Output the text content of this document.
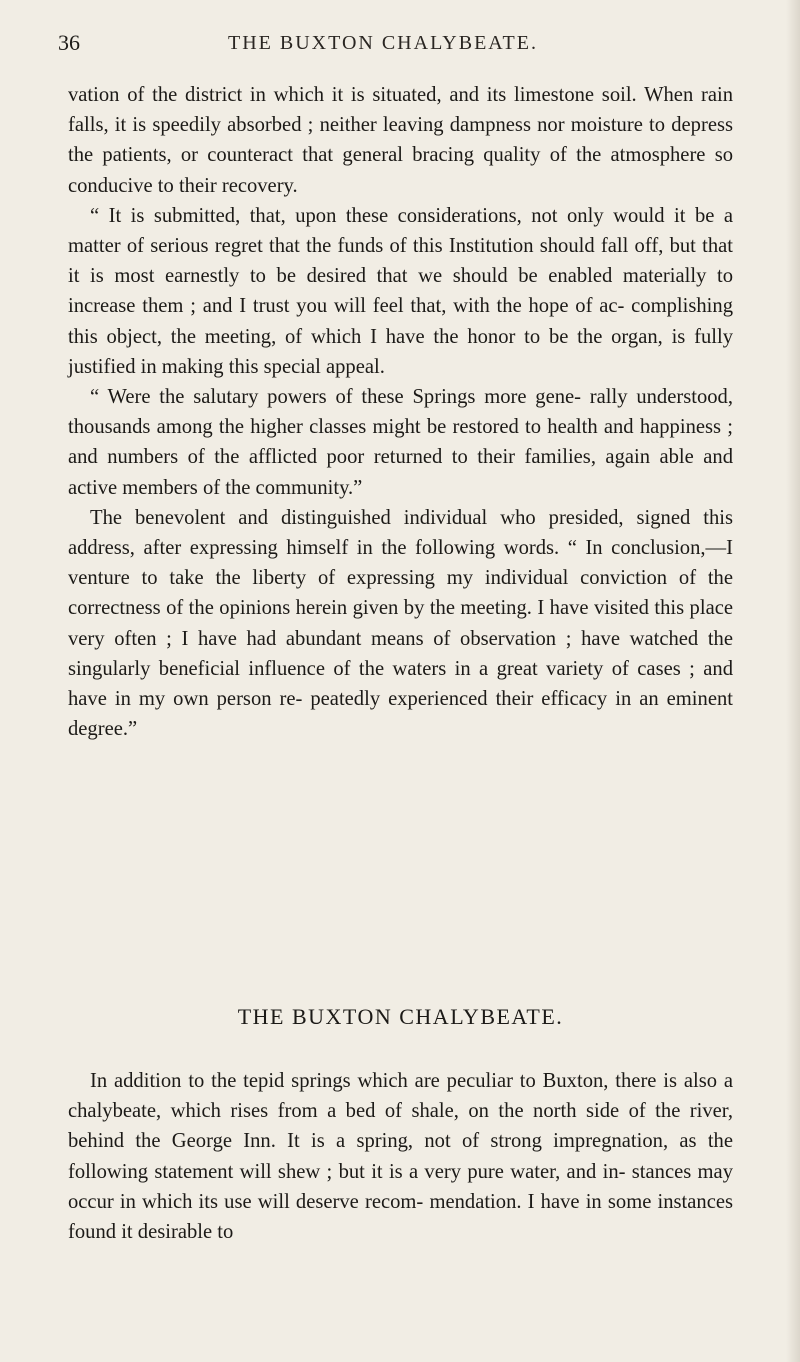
36	THE BUXTON CHALYBEATE.

vation of the district in which it is situated, and its limestone soil. When rain falls, it is speedily absorbed ; neither leaving dampness nor moisture to depress the patients, or counteract that general bracing quality of the atmosphere so conducive to their recovery.

“ It is submitted, that, upon these considerations, not only would it be a matter of serious regret that the funds of this Institution should fall off, but that it is most earnestly to be desired that we should be enabled materially to increase them ; and I trust you will feel that, with the hope of ac- complishing this object, the meeting, of which I have the honor to be the organ, is fully justified in making this special appeal.

“ Were the salutary powers of these Springs more gene- rally understood, thousands among the higher classes might be restored to health and happiness ; and numbers of the afflicted poor returned to their families, again able and active members of the community.”

The benevolent and distinguished individual who presided, signed this address, after expressing himself in the following words. “ In conclusion,—I venture to take the liberty of expressing my individual conviction of the correctness of the opinions herein given by the meeting. I have visited this place very often ; I have had abundant means of observation ; have watched the singularly beneficial influence of the waters in a great variety of cases ; and have in my own person re- peatedly experienced their efficacy in an eminent degree.”

THE BUXTON CHALYBEATE.

In addition to the tepid springs which are peculiar to Buxton, there is also a chalybeate, which rises from a bed of shale, on the north side of the river, behind the George Inn. It is a spring, not of strong impregnation, as the following statement will shew ; but it is a very pure water, and in- stances may occur in which its use will deserve recom- mendation. I have in some instances found it desirable to
